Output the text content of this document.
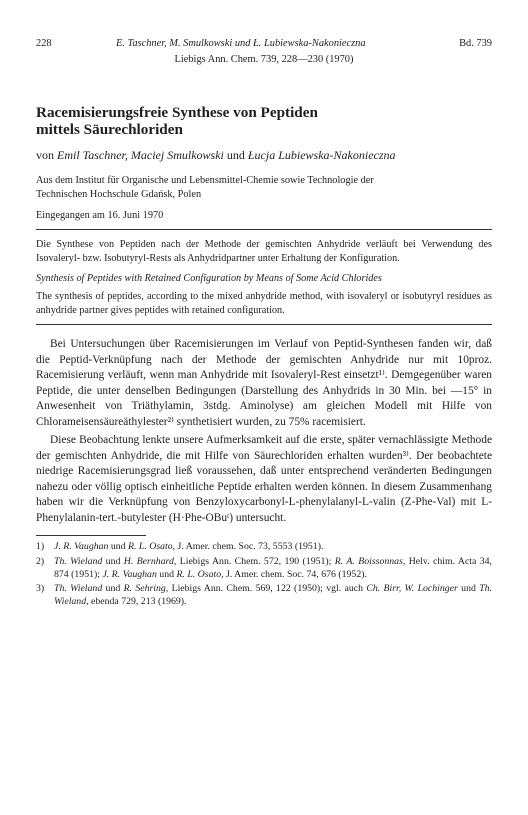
228	E. Taschner, M. Smulkowski und Ł. Lubiewska-Nakonieczna	Bd. 739
Liebigs Ann. Chem. 739, 228—230 (1970)
Racemisierungsfreie Synthese von Peptiden
mittels Säurechloriden
von Emil Taschner, Maciej Smulkowski und Łucja Lubiewska-Nakonieczna
Aus dem Institut für Organische und Lebensmittel-Chemie sowie Technologie der
Technischen Hochschule Gdańsk, Polen
Eingegangen am 16. Juni 1970
Die Synthese von Peptiden nach der Methode der gemischten Anhydride verläuft bei Verwendung des Isovaleryl- bzw. Isobutyryl-Rests als Anhydridpartner unter Erhaltung der Konfiguration.
Synthesis of Peptides with Retained Configuration by Means of Some Acid Chlorides
The synthesis of peptides, according to the mixed anhydride method, with isovaleryl or isobutyryl residues as anhydride partner gives peptides with retained configuration.

Bei Untersuchungen über Racemisierungen im Verlauf von Peptid-Synthesen fanden wir, daß die Peptid-Verknüpfung nach der Methode der gemischten Anhydride nur mit 10proz. Racemisierung verläuft, wenn man Anhydride mit Isovaleryl-Rest einsetzt¹⁾. Demgegenüber waren Peptide, die unter denselben Bedingungen (Darstellung des Anhydrids in 30 Min. bei —15° in Anwesenheit von Triäthylamin, 3stdg. Aminolyse) am gleichen Modell mit Hilfe von Chlorameisensäureäthylester²⁾ synthetisiert wurden, zu 75% racemisiert.

Diese Beobachtung lenkte unsere Aufmerksamkeit auf die erste, später vernachlässigte Methode der gemischten Anhydride, die mit Hilfe von Säurechloriden erhalten wurden³⁾. Der beobachtete niedrige Racemisierungsgrad ließ voraussehen, daß unter entsprechend veränderten Bedingungen nahezu oder völlig optisch einheitliche Peptide erhalten werden können. In diesem Zusammenhang haben wir die Verknüpfung von Benzyloxycarbonyl-L-phenylalanyl-L-valin (Z-Phe-Val) mit L-Phenylalanin-tert.-butylester (H·Phe-OBuᵗ) untersucht.

1) J. R. Vaughan und R. L. Osato, J. Amer. chem. Soc. 73, 5553 (1951).
2) Th. Wieland und H. Bernhard, Liebigs Ann. Chem. 572, 190 (1951); R. A. Boissonnas, Helv. chim. Acta 34, 874 (1951); J. R. Vaughan und R. L. Osato, J. Amer. chem. Soc. 74, 676 (1952).
3) Th. Wieland und R. Sehring, Liebigs Ann. Chem. 569, 122 (1950); vgl. auch Ch. Birr, W. Lochinger und Th. Wieland, ebenda 729, 213 (1969).
